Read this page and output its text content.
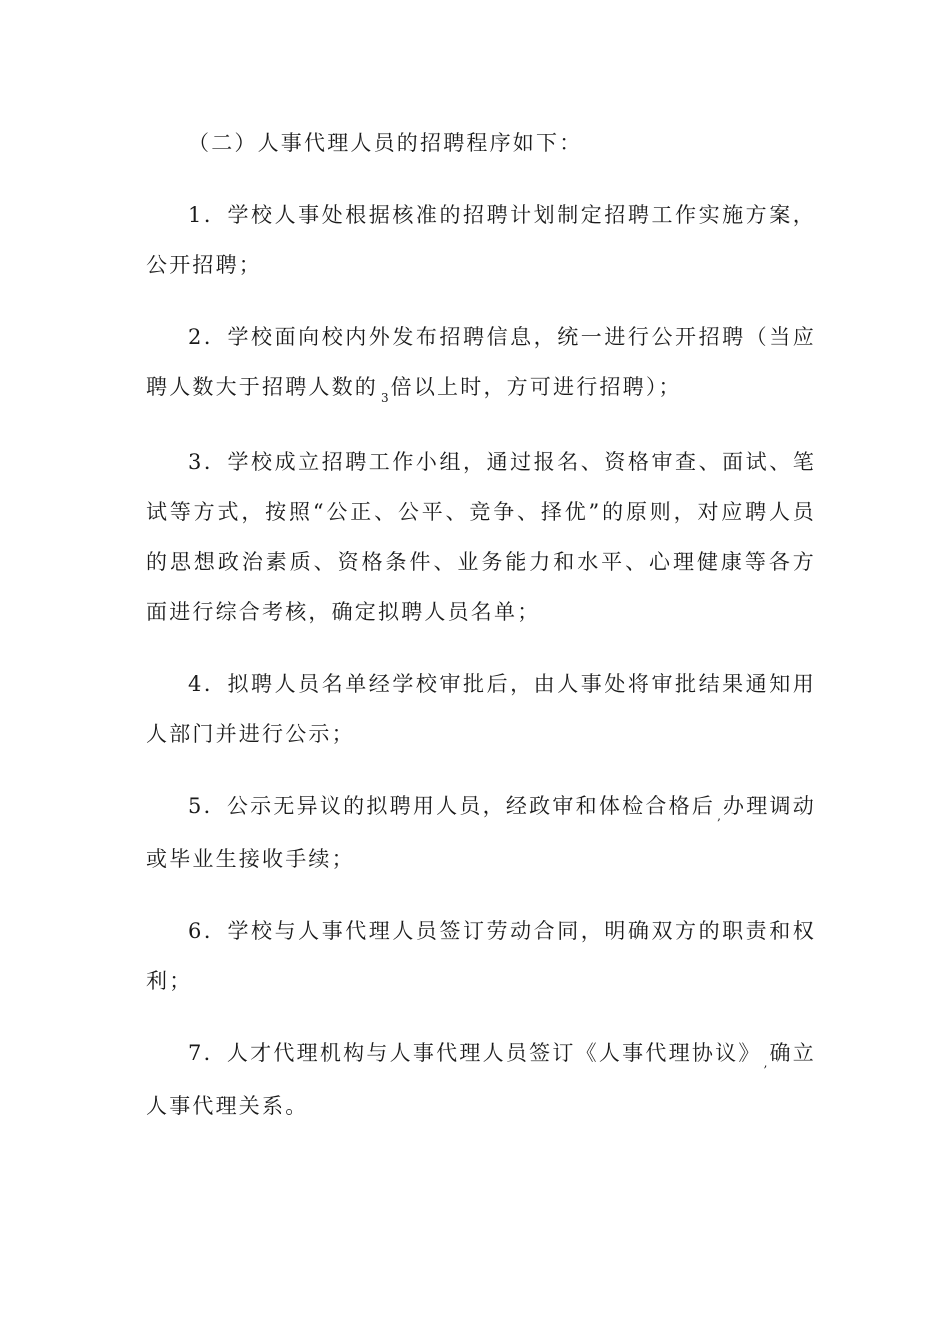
（二）人事代理人员的招聘程序如下：

1．学校人事处根据核准的招聘计划制定招聘工作实施方案，公开招聘；

2．学校面向校内外发布招聘信息，统一进行公开招聘（当应聘人数大于招聘人数的 $_3$倍以上时，方可进行招聘）；

3．学校成立招聘工作小组，通过报名、资格审查、面试、笔试等方式，按照“公正、公平、竞争、择优”的原则，对应聘人员的思想政治素质、资格条件、业务能力和水平、心理健康等各方面进行综合考核，确定拟聘人员名单；

4．拟聘人员名单经学校审批后，由人事处将审批结果通知用人部门并进行公示；

5．公示无异议的拟聘用人员，经政审和体检合格后 $_,$办理调动或毕业生接收手续；

6．学校与人事代理人员签订劳动合同，明确双方的职责和权利；

7．人才代理机构与人事代理人员签订《人事代理协议》 $_,$确立人事代理关系。
